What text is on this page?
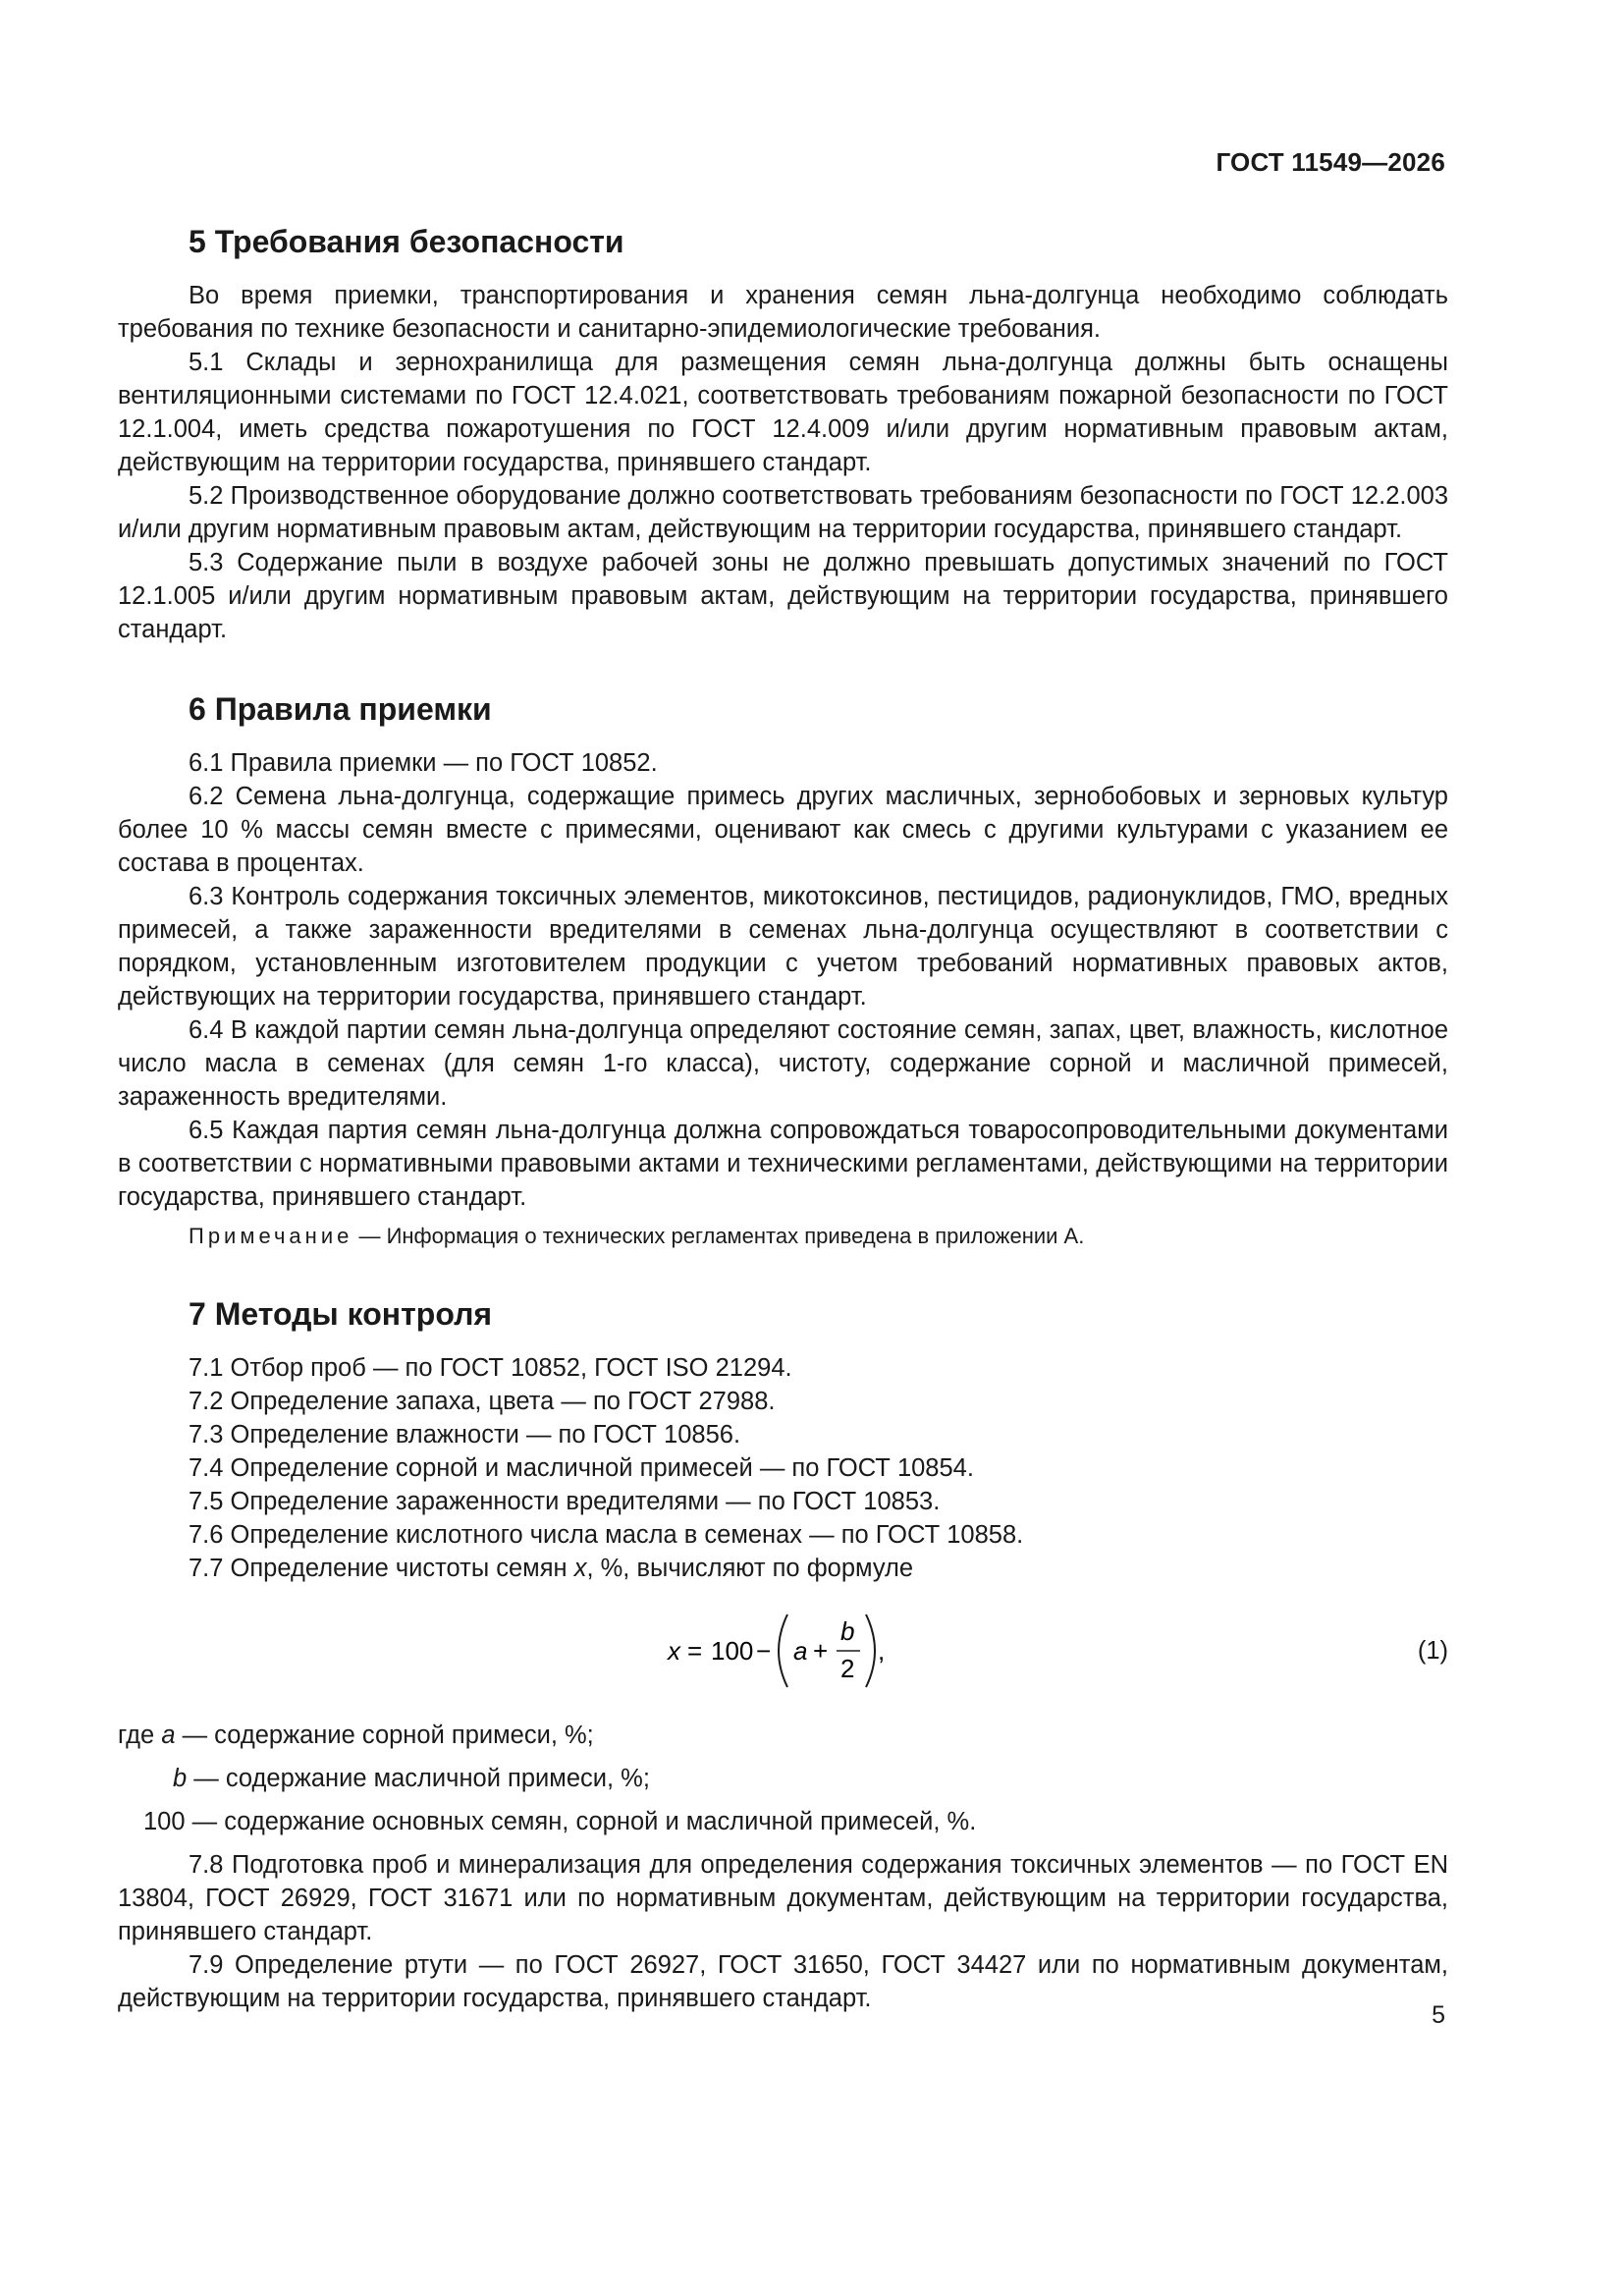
ГОСТ 11549—2026
5 Требования безопасности

Во время приемки, транспортирования и хранения семян льна-долгунца необходимо соблюдать требования по технике безопасности и санитарно-эпидемиологические требования.

5.1 Склады и зернохранилища для размещения семян льна-долгунца должны быть оснащены вентиляционными системами по ГОСТ 12.4.021, соответствовать требованиям пожарной безопасности по ГОСТ 12.1.004, иметь средства пожаротушения по ГОСТ 12.4.009 и/или другим нормативным правовым актам, действующим на территории государства, принявшего стандарт.

5.2 Производственное оборудование должно соответствовать требованиям безопасности по ГОСТ 12.2.003 и/или другим нормативным правовым актам, действующим на территории государства, принявшего стандарт.

5.3 Содержание пыли в воздухе рабочей зоны не должно превышать допустимых значений по ГОСТ 12.1.005 и/или другим нормативным правовым актам, действующим на территории государства, принявшего стандарт.

6 Правила приемки

6.1 Правила приемки — по ГОСТ 10852.

6.2 Семена льна-долгунца, содержащие примесь других масличных, зернобобовых и зерновых культур более 10 % массы семян вместе с примесями, оценивают как смесь с другими культурами с указанием ее состава в процентах.

6.3 Контроль содержания токсичных элементов, микотоксинов, пестицидов, радионуклидов, ГМО, вредных примесей, а также зараженности вредителями в семенах льна-долгунца осуществляют в соответствии с порядком, установленным изготовителем продукции с учетом требований нормативных правовых актов, действующих на территории государства, принявшего стандарт.

6.4 В каждой партии семян льна-долгунца определяют состояние семян, запах, цвет, влажность, кислотное число масла в семенах (для семян 1-го класса), чистоту, содержание сорной и масличной примесей, зараженность вредителями.

6.5 Каждая партия семян льна-долгунца должна сопровождаться товаросопроводительными документами в соответствии с нормативными правовыми актами и техническими регламентами, действующими на территории государства, принявшего стандарт.

Примечание — Информация о технических регламентах приведена в приложении А.
7 Методы контроля

7.1 Отбор проб — по ГОСТ 10852, ГОСТ ISO 21294.

7.2 Определение запаха, цвета — по ГОСТ 27988.

7.3 Определение влажности — по ГОСТ 10856.

7.4 Определение сорной и масличной примесей — по ГОСТ 10854.

7.5 Определение зараженности вредителями — по ГОСТ 10853.

7.6 Определение кислотного числа масла в семенах — по ГОСТ 10858.

7.7 Определение чистоты семян x, %, вычисляют по формуле

x = 100 − a +
b
2
,	(1)

где a — содержание сорной примеси, %;

b — содержание масличной примеси, %;

100 — содержание основных семян, сорной и масличной примесей, %.

7.8 Подготовка проб и минерализация для определения содержания токсичных элементов — по ГОСТ EN 13804, ГОСТ 26929, ГОСТ 31671 или по нормативным документам, действующим на территории государства, принявшего стандарт.

7.9 Определение ртути — по ГОСТ 26927, ГОСТ 31650, ГОСТ 34427 или по нормативным документам, действующим на территории государства, принявшего стандарт.

5
